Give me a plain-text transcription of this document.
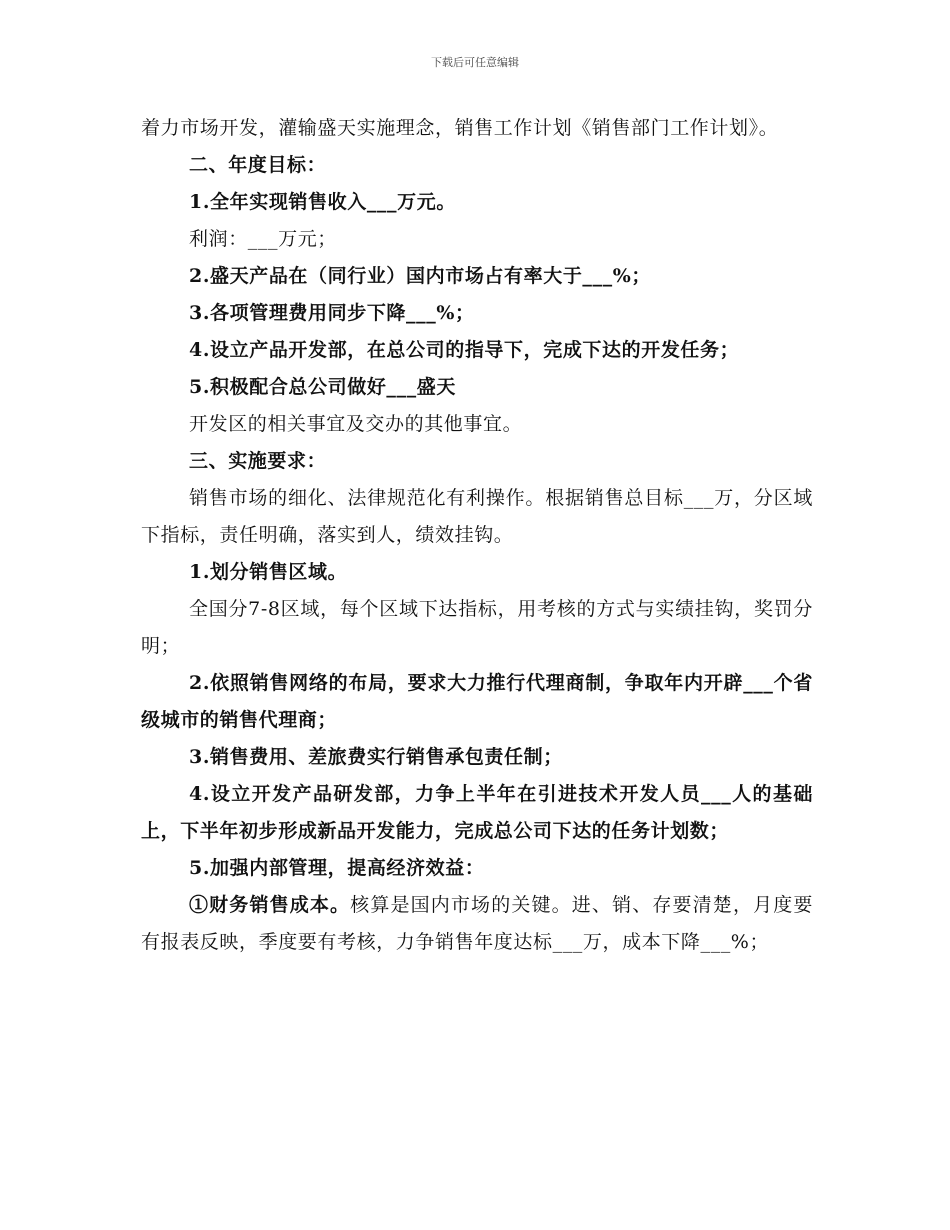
下载后可任意编辑

着力市场开发，灌输盛天实施理念，销售工作计划《销售部门工作计划》。

二、年度目标：

1.全年实现销售收入___万元。

利润：___万元；

2.盛天产品在（同行业）国内市场占有率大于___%；

3.各项管理费用同步下降___%；

4.设立产品开发部，在总公司的指导下，完成下达的开发任务；

5.积极配合总公司做好___盛天

开发区的相关事宜及交办的其他事宜。

三、实施要求：

销售市场的细化、法律规范化有利操作。根据销售总目标___万，分区域下指标，责任明确，落实到人，绩效挂钩。

1.划分销售区域。

全国分7-8区域，每个区域下达指标，用考核的方式与实绩挂钩，奖罚分明；

2.依照销售网络的布局，要求大力推行代理商制，争取年内开辟___个省级城市的销售代理商；

3.销售费用、差旅费实行销售承包责任制；

4.设立开发产品研发部，力争上半年在引进技术开发人员___人的基础上，下半年初步形成新品开发能力，完成总公司下达的任务计划数；

5.加强内部管理，提高经济效益：

①财务销售成本。核算是国内市场的关键。进、销、存要清楚，月度要有报表反映，季度要有考核，力争销售年度达标___万，成本下降___%；
